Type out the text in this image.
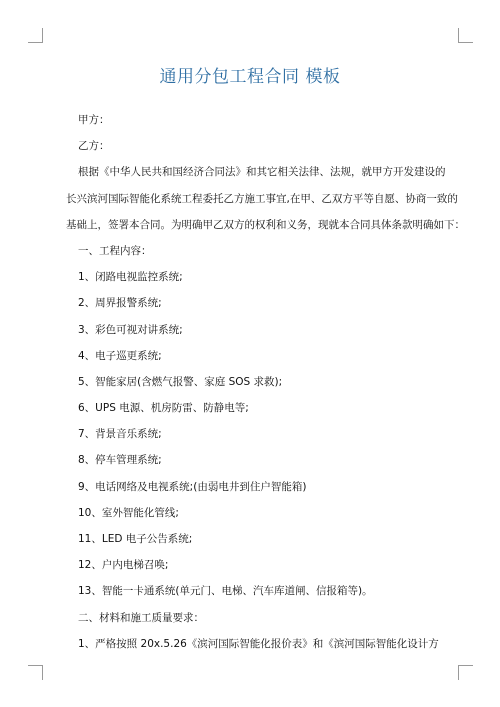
通用分包工程合同 模板
甲方：
乙方：
根据《中华人民共和国经济合同法》和其它相关法律、法规，就甲方开发建设的
长兴滨河国际智能化系统工程委托乙方施工事宜,在甲、乙双方平等自愿、协商一致的
基础上，签署本合同。为明确甲乙双方的权利和义务，现就本合同具体条款明确如下：
一、工程内容：
1、闭路电视监控系统;
2、周界报警系统;
3、彩色可视对讲系统;
4、电子巡更系统;
5、智能家居(含燃气报警、家庭 SOS 求救);
6、UPS 电源、机房防雷、防静电等;
7、背景音乐系统;
8、停车管理系统;
9、电话网络及电视系统;(由弱电井到住户智能箱)
10、室外智能化管线;
11、LED 电子公告系统;
12、户内电梯召唤;
13、智能一卡通系统(单元门、电梯、汽车库道闸、信报箱等)。
二、材料和施工质量要求：
1、严格按照 20x.5.26《滨河国际智能化报价表》和《滨河国际智能化设计方
